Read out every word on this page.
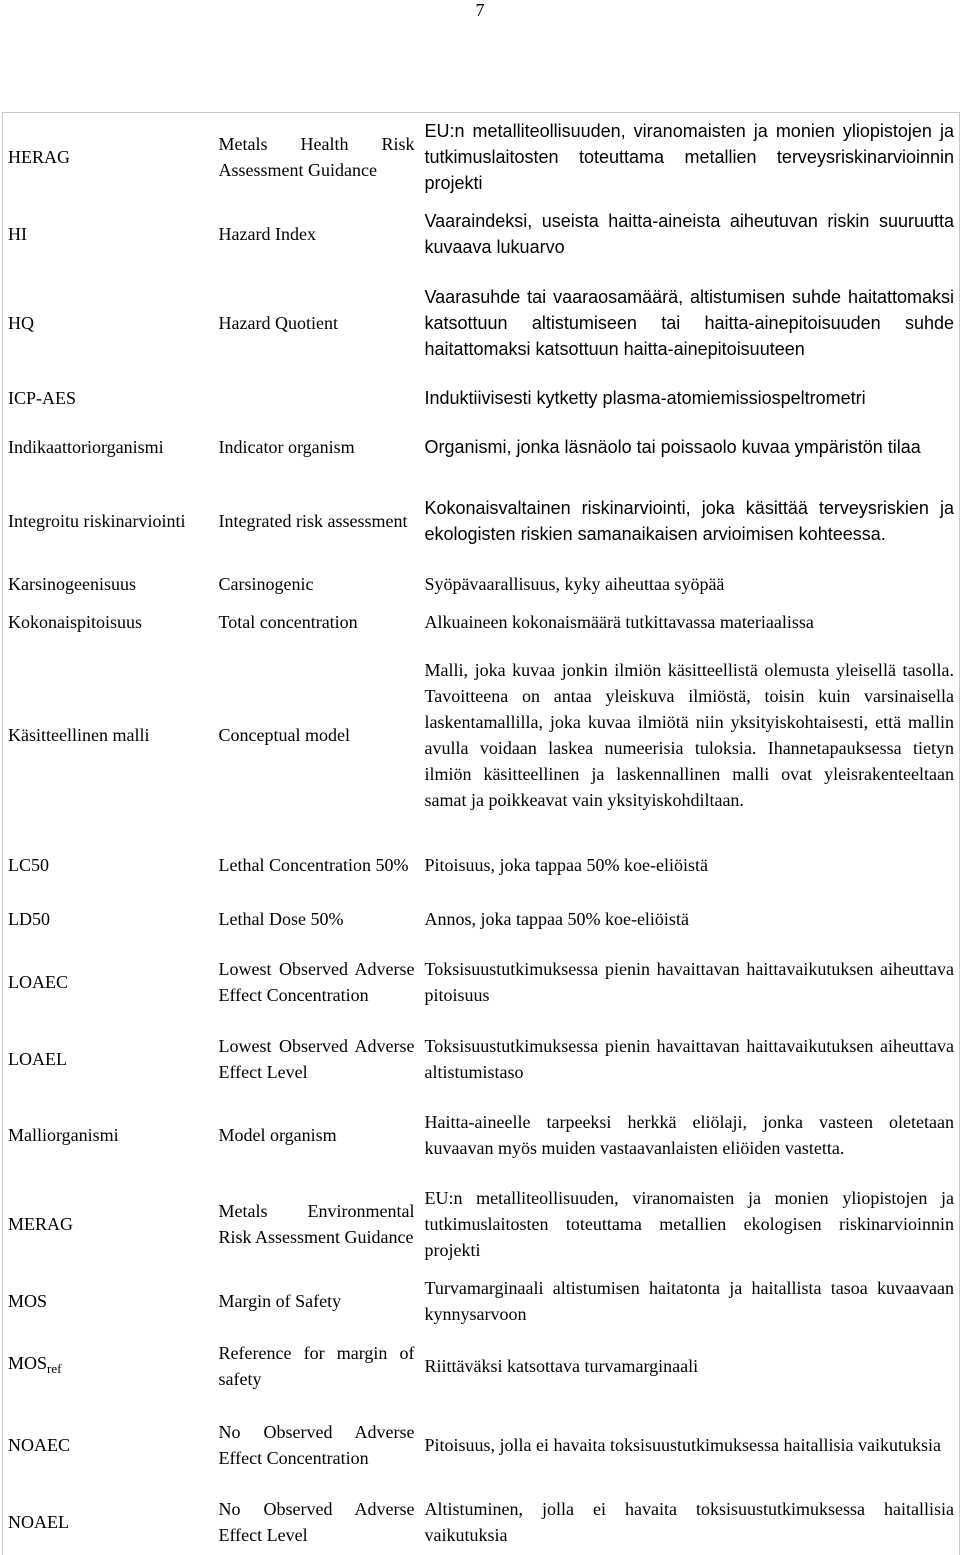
7
HERAG	Metals Health Risk Assessment Guidance	EU:n metalliteollisuuden, viranomaisten ja monien yliopistojen ja tutkimuslaitosten toteuttama metallien terveysriskinarvioinnin projekti
HI	Hazard Index	Vaaraindeksi, useista haitta-aineista aiheutuvan riskin suuruutta kuvaava lukuarvo
HQ	Hazard Quotient	Vaarasuhde tai vaaraosamäärä, altistumisen suhde haitattomaksi katsottuun altistumiseen tai haitta-ainepitoisuuden suhde haitattomaksi katsottuun haitta-ainepitoisuuteen
ICP-AES		Induktiivisesti kytketty plasma-atomiemissiospeltrometri
Indikaattoriorganismi	Indicator organism	Organismi, jonka läsnäolo tai poissaolo kuvaa ympäristön tilaa
Integroitu riskinarviointi	Integrated risk assessment	Kokonaisvaltainen riskinarviointi, joka käsittää terveysriskien ja ekologisten riskien samanaikaisen arvioimisen kohteessa.
Karsinogeenisuus	Carsinogenic	Syöpävaarallisuus, kyky aiheuttaa syöpää
Kokonaispitoisuus	Total concentration	Alkuaineen kokonaismäärä tutkittavassa materiaalissa
Käsitteellinen malli	Conceptual model	Malli, joka kuvaa jonkin ilmiön käsitteellistä olemusta yleisellä tasolla. Tavoitteena on antaa yleiskuva ilmiöstä, toisin kuin varsinaisella laskentamallilla, joka kuvaa ilmiötä niin yksityiskohtaisesti, että mallin avulla voidaan laskea numeerisia tuloksia. Ihannetapauksessa tietyn ilmiön käsitteellinen ja laskennallinen malli ovat yleisrakenteeltaan samat ja poikkeavat vain yksityiskohdiltaan.
LC50	Lethal Concentration 50%	Pitoisuus, joka tappaa 50% koe-eliöistä
LD50	Lethal Dose 50%	Annos, joka tappaa 50% koe-eliöistä
LOAEC	Lowest Observed Adverse Effect Concentration	Toksisuustutkimuksessa pienin havaittavan haittavaikutuksen aiheuttava pitoisuus
LOAEL	Lowest Observed Adverse Effect Level	Toksisuustutkimuksessa pienin havaittavan haittavaikutuksen aiheuttava altistumistaso
Malliorganismi	Model organism	Haitta-aineelle tarpeeksi herkkä eliölaji, jonka vasteen oletetaan kuvaavan myös muiden vastaavanlaisten eliöiden vastetta.
MERAG	Metals Environmental Risk Assessment Guidance	EU:n metalliteollisuuden, viranomaisten ja monien yliopistojen ja tutkimuslaitosten toteuttama metallien ekologisen riskinarvioinnin projekti
MOS	Margin of Safety	Turvamarginaali altistumisen haitatonta ja haitallista tasoa kuvaavaan kynnysarvoon
$MOS_{ref}$	Reference for margin of safety	Riittäväksi katsottava turvamarginaali
NOAEC	No Observed Adverse Effect Concentration	Pitoisuus, jolla ei havaita toksisuustutkimuksessa haitallisia vaikutuksia
NOAEL	No Observed Adverse Effect Level	Altistuminen, jolla ei havaita toksisuustutkimuksessa haitallisia vaikutuksia
